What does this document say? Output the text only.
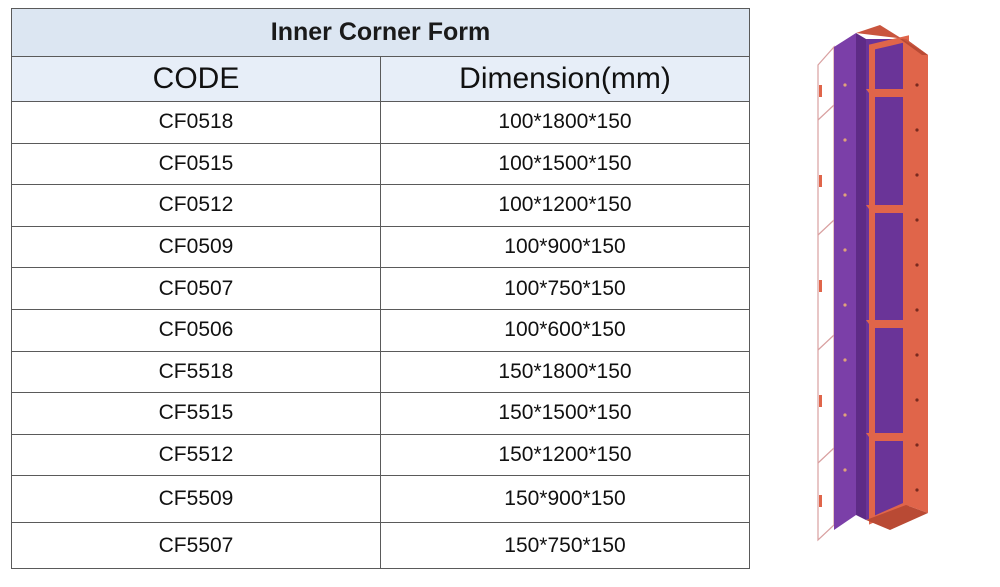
Inner Corner Form	
CODE	Dimension(mm)
CF0518	100*1800*150
CF0515	100*1500*150
CF0512	100*1200*150
CF0509	100*900*150
CF0507	100*750*150
CF0506	100*600*150
CF5518	150*1800*150
CF5515	150*1500*150
CF5512	150*1200*150
CF5509	150*900*150
CF5507	150*750*150
